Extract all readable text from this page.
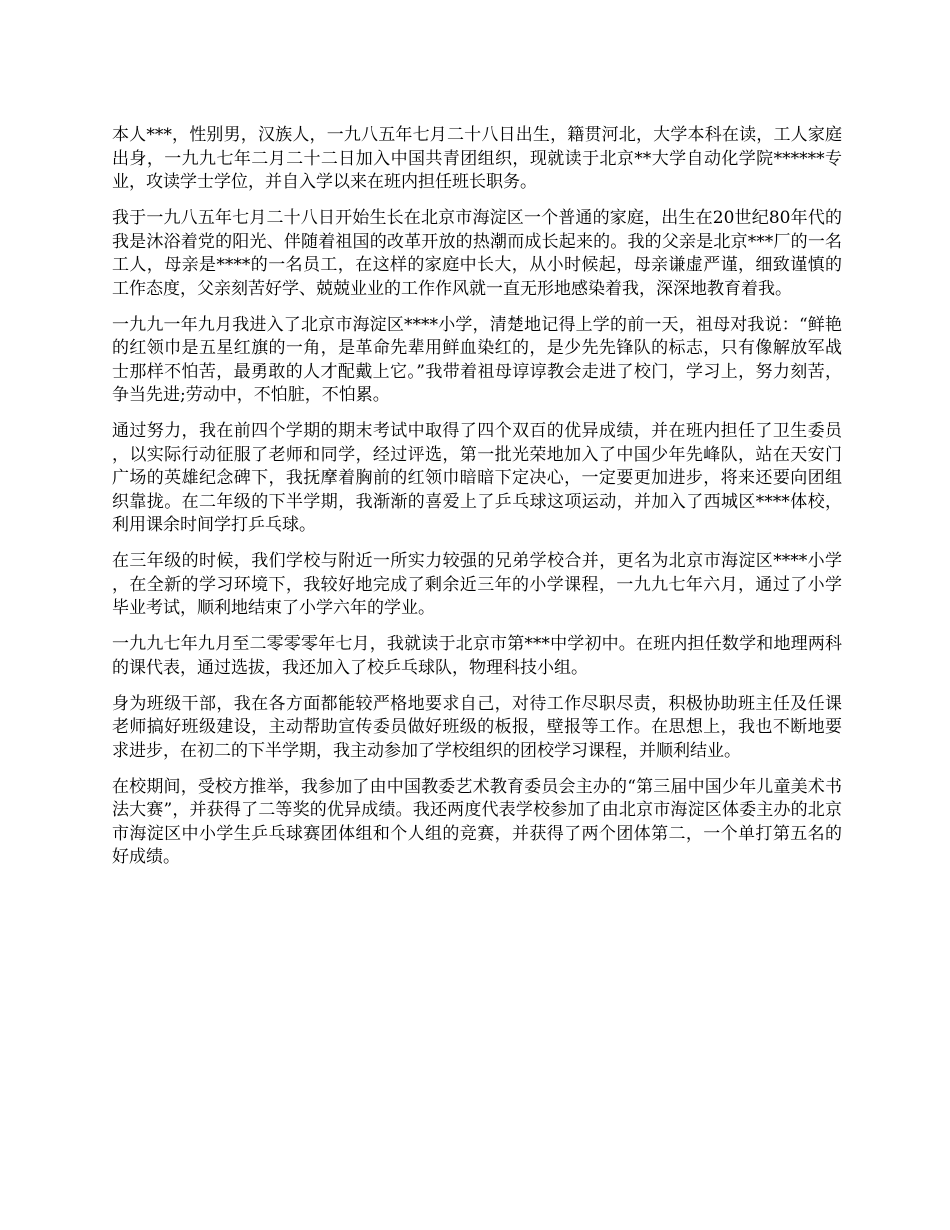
本人***，性别男，汉族人，一九八五年七月二十八日出生，籍贯河北，大学本科在读，工人家庭出身，一九九七年二月二十二日加入中国共青团组织，现就读于北京**大学自动化学院******专业，攻读学士学位，并自入学以来在班内担任班长职务。

我于一九八五年七月二十八日开始生长在北京市海淀区一个普通的家庭，出生在20世纪80年代的我是沐浴着党的阳光、伴随着祖国的改革开放的热潮而成长起来的。我的父亲是北京***厂的一名工人，母亲是****的一名员工，在这样的家庭中长大，从小时候起，母亲谦虚严谨，细致谨慎的工作态度，父亲刻苦好学、兢兢业业的工作作风就一直无形地感染着我，深深地教育着我。

一九九一年九月我进入了北京市海淀区****小学，清楚地记得上学的前一天，祖母对我说：“鲜艳的红领巾是五星红旗的一角，是革命先辈用鲜血染红的，是少先先锋队的标志，只有像解放军战士那样不怕苦，最勇敢的人才配戴上它。”我带着祖母谆谆教会走进了校门，学习上，努力刻苦，争当先进;劳动中，不怕脏，不怕累。

通过努力，我在前四个学期的期末考试中取得了四个双百的优异成绩，并在班内担任了卫生委员，以实际行动征服了老师和同学，经过评选，第一批光荣地加入了中国少年先峰队，站在天安门广场的英雄纪念碑下，我抚摩着胸前的红领巾暗暗下定决心，一定要更加进步，将来还要向团组织靠拢。在二年级的下半学期，我渐渐的喜爱上了乒乓球这项运动，并加入了西城区****体校，利用课余时间学打乒乓球。

在三年级的时候，我们学校与附近一所实力较强的兄弟学校合并，更名为北京市海淀区****小学，在全新的学习环境下，我较好地完成了剩余近三年的小学课程，一九九七年六月，通过了小学毕业考试，顺利地结束了小学六年的学业。

一九九七年九月至二零零零年七月，我就读于北京市第***中学初中。在班内担任数学和地理两科的课代表，通过选拔，我还加入了校乒乓球队，物理科技小组。

身为班级干部，我在各方面都能较严格地要求自己，对待工作尽职尽责，积极协助班主任及任课老师搞好班级建设，主动帮助宣传委员做好班级的板报，壁报等工作。在思想上，我也不断地要求进步，在初二的下半学期，我主动参加了学校组织的团校学习课程，并顺利结业。

在校期间，受校方推举，我参加了由中国教委艺术教育委员会主办的“第三届中国少年儿童美术书法大赛”，并获得了二等奖的优异成绩。我还两度代表学校参加了由北京市海淀区体委主办的北京市海淀区中小学生乒乓球赛团体组和个人组的竞赛，并获得了两个团体第二，一个单打第五名的好成绩。
